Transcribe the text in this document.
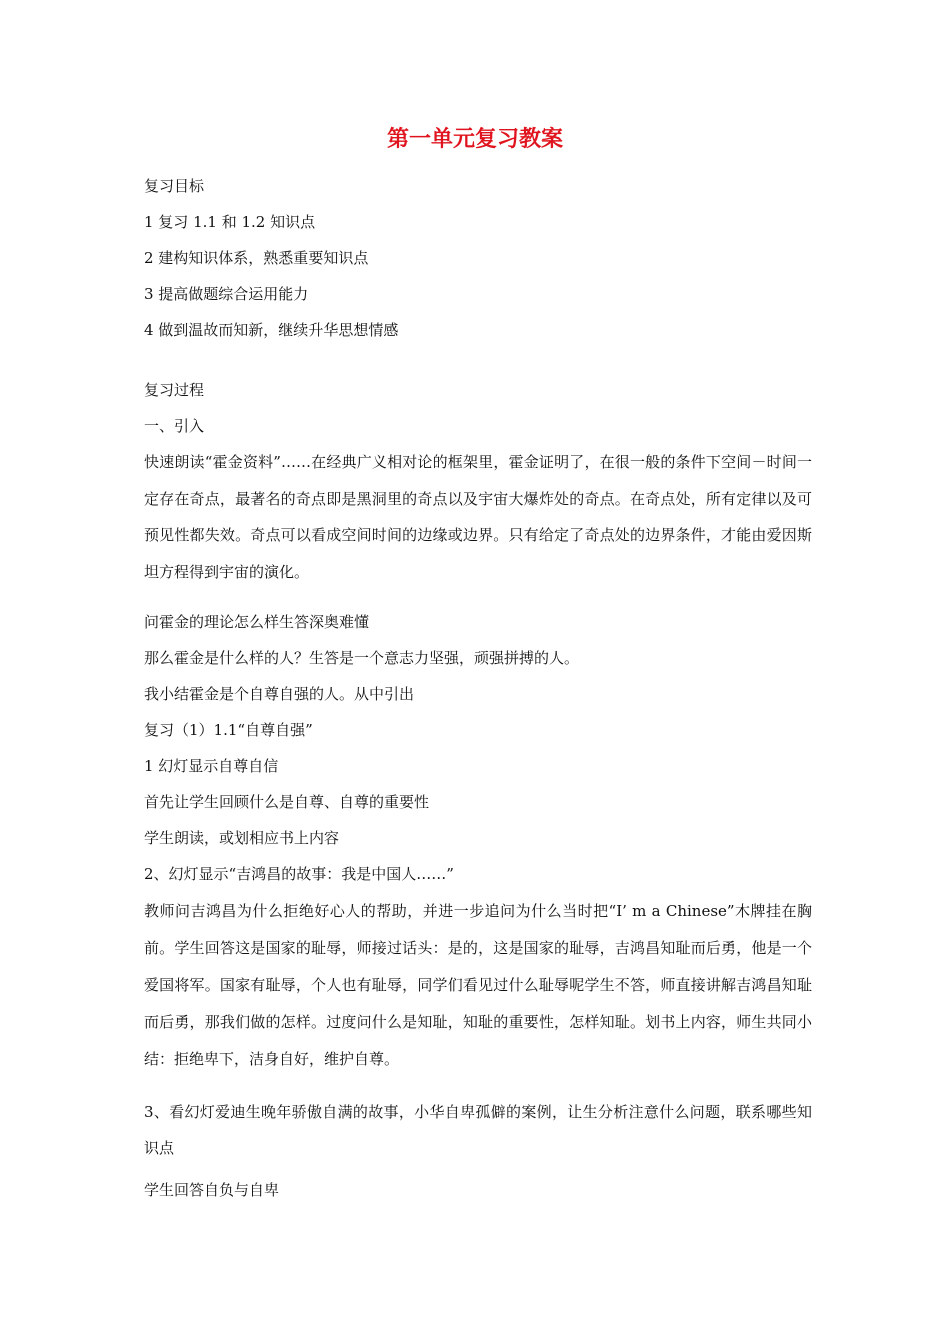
第一单元复习教案
复习目标
1 复习 1.1 和 1.2 知识点
2 建构知识体系，熟悉重要知识点
3 提高做题综合运用能力
4 做到温故而知新，继续升华思想情感
复习过程
一、引入
快速朗读“霍金资料”……在经典广义相对论的框架里，霍金证明了，在很一般的条件下空间－时间一定存在奇点，最著名的奇点即是黑洞里的奇点以及宇宙大爆炸处的奇点。在奇点处，所有定律以及可预见性都失效。奇点可以看成空间时间的边缘或边界。只有给定了奇点处的边界条件，才能由爱因斯坦方程得到宇宙的演化。
问霍金的理论怎么样生答深奥难懂
那么霍金是什么样的人？生答是一个意志力坚强，顽强拼搏的人。
我小结霍金是个自尊自强的人。从中引出
复习（1）1.1“自尊自强”
1 幻灯显示自尊自信
首先让学生回顾什么是自尊、自尊的重要性
学生朗读，或划相应书上内容
2、幻灯显示“吉鸿昌的故事：我是中国人……”
教师问吉鸿昌为什么拒绝好心人的帮助，并进一步追问为什么当时把“I’ m a Chinese”木牌挂在胸前。学生回答这是国家的耻辱，师接过话头：是的，这是国家的耻辱，吉鸿昌知耻而后勇，他是一个爱国将军。国家有耻辱，个人也有耻辱，同学们看见过什么耻辱呢学生不答，师直接讲解吉鸿昌知耻而后勇，那我们做的怎样。过度问什么是知耻，知耻的重要性，怎样知耻。划书上内容，师生共同小结：拒绝卑下，洁身自好，维护自尊。
3、看幻灯爱迪生晚年骄傲自满的故事，小华自卑孤僻的案例，让生分析注意什么问题，联系哪些知识点
学生回答自负与自卑
